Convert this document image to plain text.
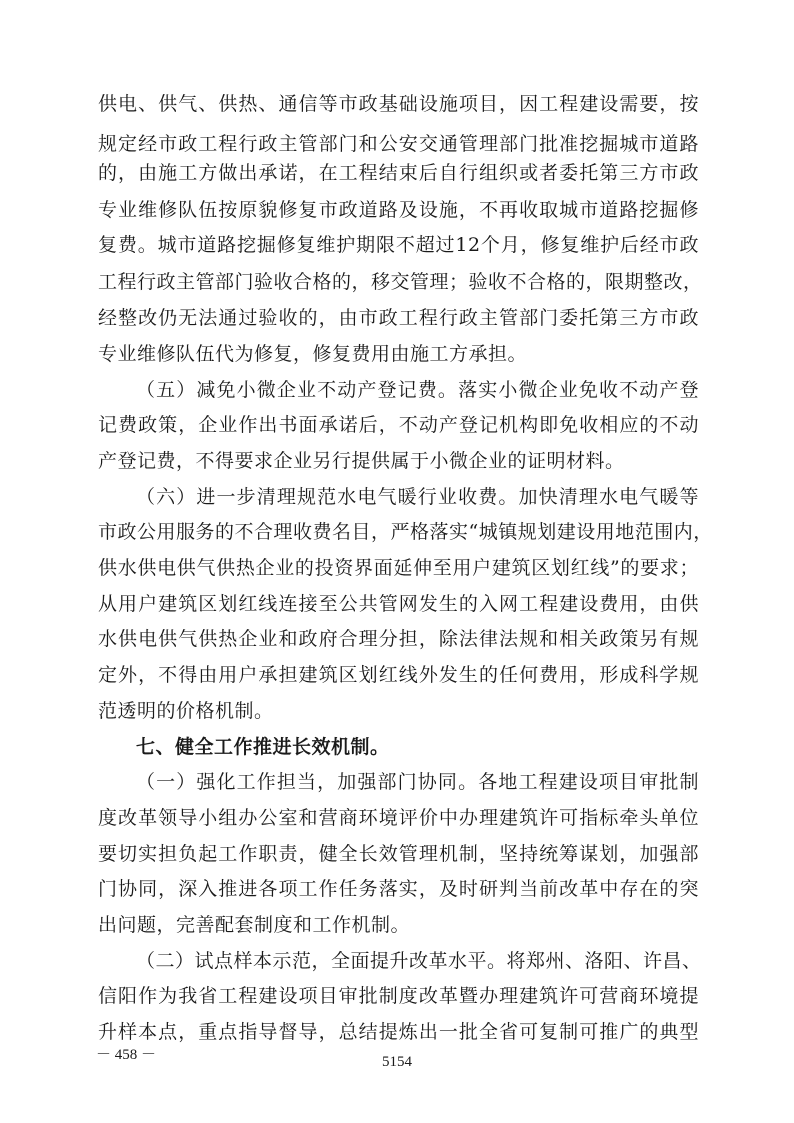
供电、供气、供热、通信等市政基础设施项目，因工程建设需要，按
规定经市政工程行政主管部门和公安交通管理部门批准挖掘城市道路
的，由施工方做出承诺，在工程结束后自行组织或者委托第三方市政
专业维修队伍按原貌修复市政道路及设施，不再收取城市道路挖掘修
复费。城市道路挖掘修复维护期限不超过12个月，修复维护后经市政
工程行政主管部门验收合格的，移交管理；验收不合格的，限期整改，
经整改仍无法通过验收的，由市政工程行政主管部门委托第三方市政
专业维修队伍代为修复，修复费用由施工方承担。
（五）减免小微企业不动产登记费。落实小微企业免收不动产登
记费政策，企业作出书面承诺后，不动产登记机构即免收相应的不动
产登记费，不得要求企业另行提供属于小微企业的证明材料。
（六）进一步清理规范水电气暖行业收费。加快清理水电气暖等
市政公用服务的不合理收费名目，严格落实“城镇规划建设用地范围内，
供水供电供气供热企业的投资界面延伸至用户建筑区划红线”的要求；
从用户建筑区划红线连接至公共管网发生的入网工程建设费用，由供
水供电供气供热企业和政府合理分担，除法律法规和相关政策另有规
定外，不得由用户承担建筑区划红线外发生的任何费用，形成科学规
范透明的价格机制。
七、健全工作推进长效机制。
（一）强化工作担当，加强部门协同。各地工程建设项目审批制
度改革领导小组办公室和营商环境评价中办理建筑许可指标牵头单位
要切实担负起工作职责，健全长效管理机制，坚持统筹谋划，加强部
门协同，深入推进各项工作任务落实，及时研判当前改革中存在的突
出问题，完善配套制度和工作机制。
（二）试点样本示范，全面提升改革水平。将郑州、洛阳、许昌、
信阳作为我省工程建设项目审批制度改革暨办理建筑许可营商环境提
升样本点，重点指导督导，总结提炼出一批全省可复制可推广的典型
－ 458 －	5154
